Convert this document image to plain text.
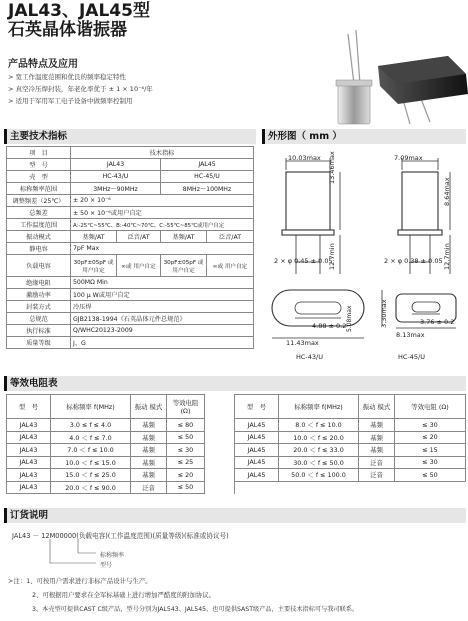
JAL43、JAL45型
石英晶体谐振器
产品特点及应用
> 宽工作温度范围和优良的频率稳定特性
> 真空冷压焊封装，年老化率优于 ± 1 × 10⁻⁶/年
> 适用于军用军工电子设备中做频率控制用
主要技术指标
项　目	技术指标			
型　号	JAL43		JAL45	
壳　型	HC-43/U		HC-45/U	
标称频率范围	3MHz～90MHz		8MHz～100MHz	
调整频差（25℃）	± 20 × 10⁻⁶			
总频差	± 50 × 10⁻⁶或用户自定			
工作温度范围	A:-25℃~55℃、B:-40℃~70℃、C:-55℃~85℃或用户自定			
振动模式	基频/AT	泛音/AT	基频/AT	泛音/AT
静电容	7pF Max			
负载电容	30pF±05pF 或用户自定	∞或 用户自定	30pF±05pF 或用户自定	∞或 用户自定
绝缘电阻	500MΩ Min			
激励功率	100 μ W或用户自定			
封装方式	冷压焊			
总规范	GJB2138-1994《石英晶体元件总规范》			
执行标准	Q/WHC20123-2009			
质量等级	J、G			
外形图（ mm ）
10.03max 13.46max
12.7min
2 × φ 0.45 ± 0.05
7.09max
8.64max
12.7min
2 × φ 0.38 ± 0.05
5.08max
4.88 ± 0.2
11.43max
3.30max	3.76 ± 0.2
8.13max
HC-43/U	HC-45/U
等效电阻表
型　号	标称频率 f(MHz)	振动 模式	等效电阻 (Ω)		型　号	标称频率 f(MHz)	振动 模式	等效电阻 (Ω)
JAL43	3.0 ≤ f ≤ 4.0	基频	≤ 80		JAL45	8.0 ＜ f ≤ 10.0	基频	≤ 30
JAL43	4.0 ＜ f ≤ 7.0	基频	≤ 50		JAL45	10.0 ＜ f ≤ 20.0	基频	≤ 20
JAL43	7.0 ＜ f ≤ 10.0	基频	≤ 30		JAL45	20.0 ＜ f ≤ 33.0	基频	≤ 15
JAL43	10.0 ＜ f ≤ 15.0	基频	≤ 25		JAL45	30.0 ＜ f ≤ 50.0	泛音	≤ 30
JAL43	15.0 ＜ f ≤ 25.0	基频	≤ 20		JAL45	50.0 ＜ f ≤ 100.0	泛音	≤ 50
JAL43	20.0 ＜ f ≤ 90.0	泛音	≤ 50					
订货说明
JAL43 － 12M00000(负载电容)(工作温度范围)(质量等级)(标准或协议号)
标称频率
型号
≻注：1、可按用户需求进行非标产品设计与生产。
2、可根据用户要求在全军标基础上进行增加严酷度的附加协议。
3、本壳型可提供CAST C级产品，型号分别为JAL543、JAL545，也可提供SAST级产品，主要技术指标可与我司联系。
